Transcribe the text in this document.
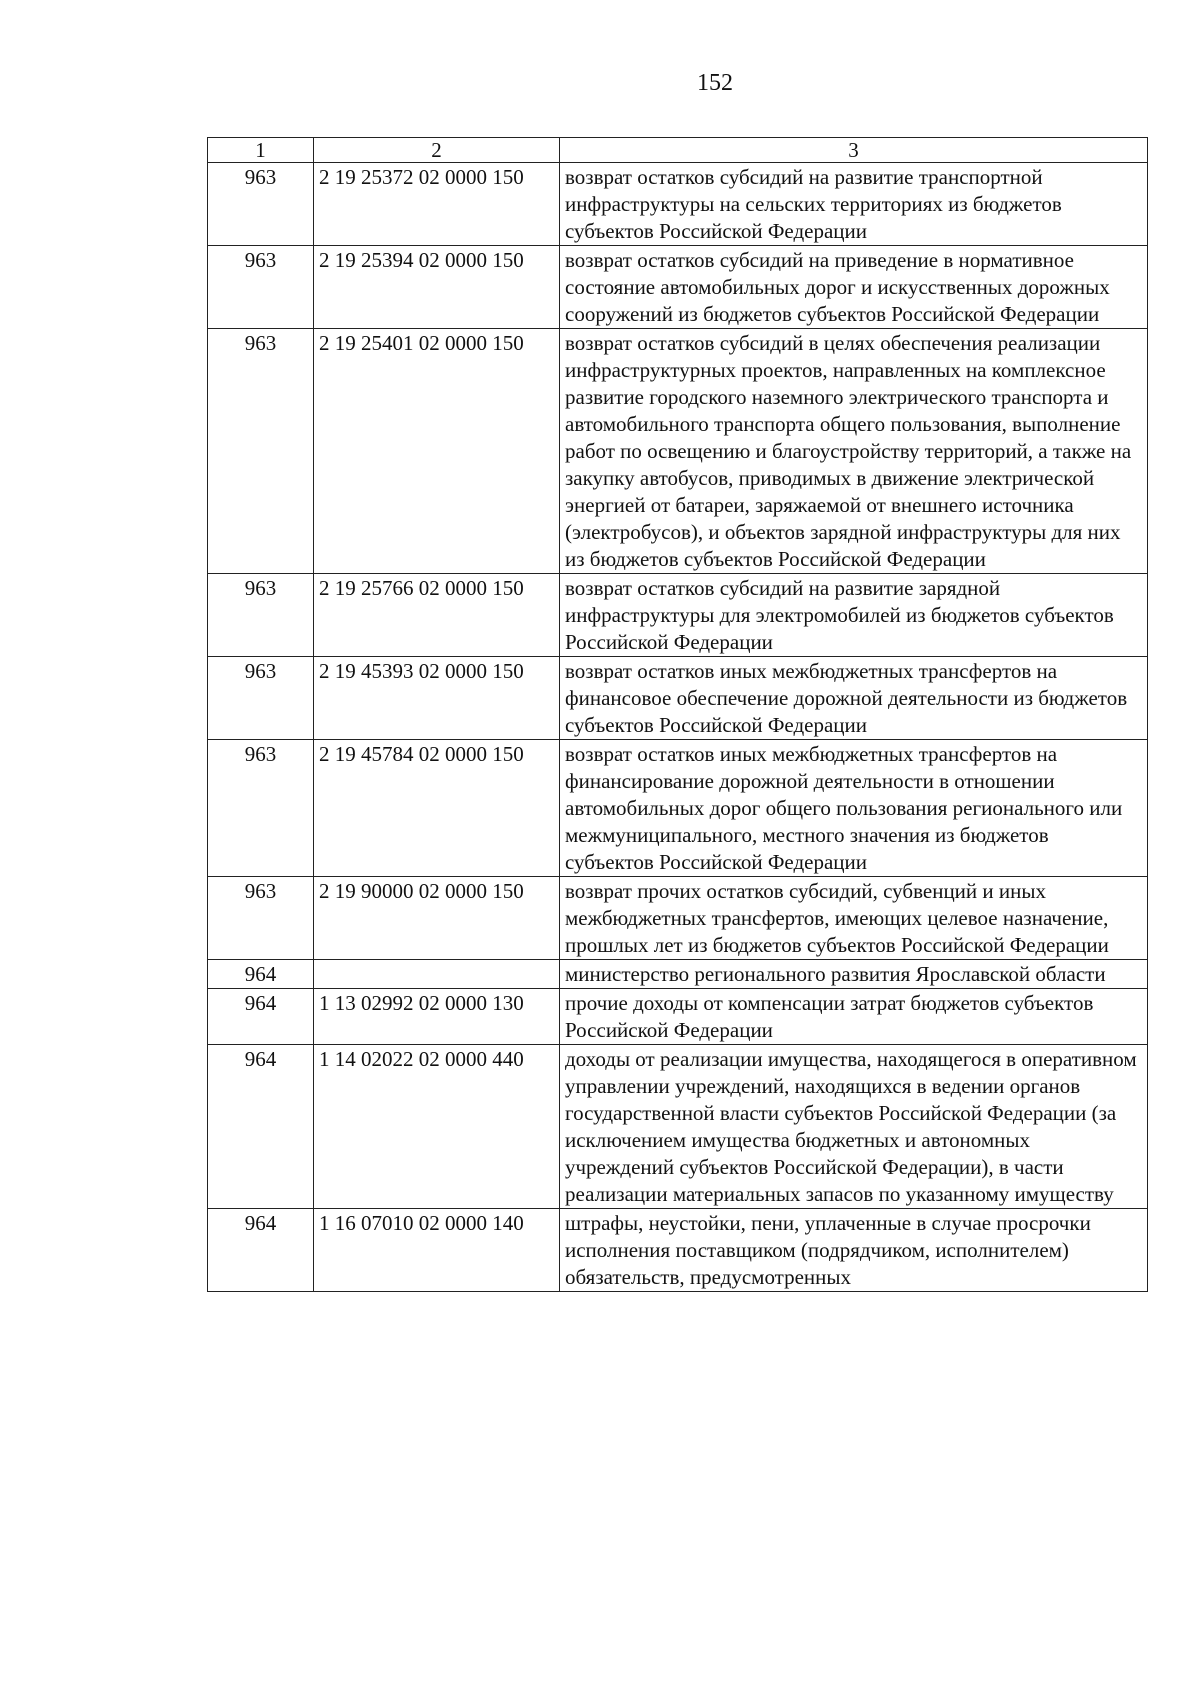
152
1	2	3
963	2 19 25372 02 0000 150	возврат остатков субсидий на развитие транспортной инфраструктуры на сельских территориях из бюджетов субъектов Российской Федерации
963	2 19 25394 02 0000 150	возврат остатков субсидий на приведение в нормативное состояние автомобильных дорог и искусственных дорожных сооружений из бюджетов субъектов Российской Федерации
963	2 19 25401 02 0000 150	возврат остатков субсидий в целях обеспечения реализации инфраструктурных проектов, направленных на комплексное развитие городского наземного электрического транспорта и автомобильного транспорта общего пользования, выполнение работ по освещению и благоустройству территорий, а также на закупку автобусов, приводимых в движение электрической энергией от батареи, заряжаемой от внешнего источника (электробусов), и объектов зарядной инфраструктуры для них из бюджетов субъектов Российской Федерации
963	2 19 25766 02 0000 150	возврат остатков субсидий на развитие зарядной инфраструктуры для электромобилей из бюджетов субъектов Российской Федерации
963	2 19 45393 02 0000 150	возврат остатков иных межбюджетных трансфертов на финансовое обеспечение дорожной деятельности из бюджетов субъектов Российской Федерации
963	2 19 45784 02 0000 150	возврат остатков иных межбюджетных трансфертов на финансирование дорожной деятельности в отношении автомобильных дорог общего пользования регионального или межмуниципального, местного значения из бюджетов субъектов Российской Федерации
963	2 19 90000 02 0000 150	возврат прочих остатков субсидий, субвенций и иных межбюджетных трансфертов, имеющих целевое назначение, прошлых лет из бюджетов субъектов Российской Федерации
964		министерство регионального развития Ярославской области
964	1 13 02992 02 0000 130	прочие доходы от компенсации затрат бюджетов субъектов Российской Федерации
964	1 14 02022 02 0000 440	доходы от реализации имущества, находящегося в оперативном управлении учреждений, находящихся в ведении органов государственной власти субъектов Российской Федерации (за исключением имущества бюджетных и автономных учреждений субъектов Российской Федерации), в части реализации материальных запасов по указанному имуществу
964	1 16 07010 02 0000 140	штрафы, неустойки, пени, уплаченные в случае просрочки исполнения поставщиком (подрядчиком, исполнителем) обязательств, предусмотренных
